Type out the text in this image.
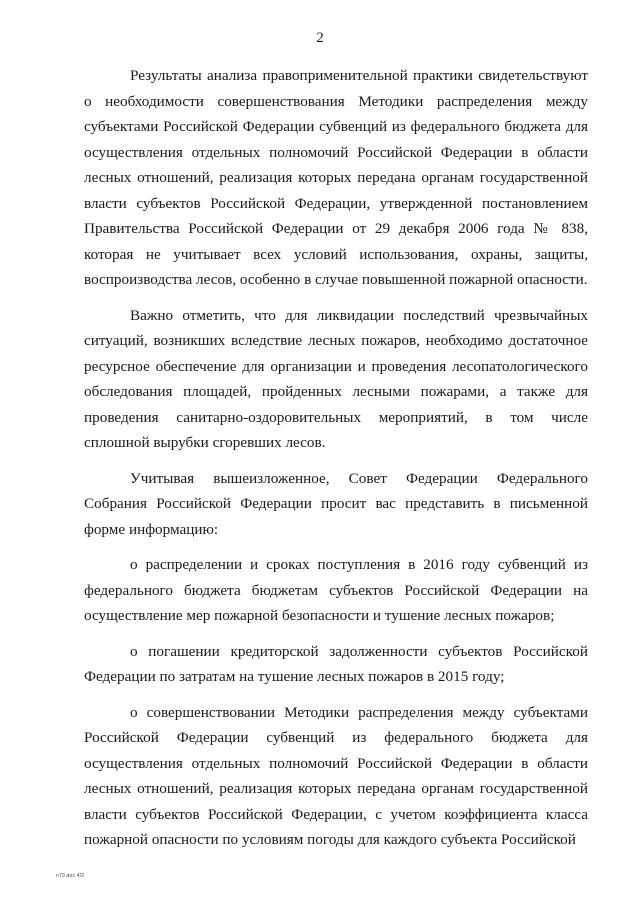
2

Результаты анализа правоприменительной практики свидетельствуют о необходимости совершенствования Методики распределения между субъектами Российской Федерации субвенций из федерального бюджета для осуществления отдельных полномочий Российской Федерации в области лесных отношений, реализация которых передана органам государственной власти субъектов Российской Федерации, утвержденной постановлением Правительства Российской Федерации от 29 декабря 2006 года № 838, которая не учитывает всех условий использования, охраны, защиты, воспроизводства лесов, особенно в случае повышенной пожарной опасности.

Важно отметить, что для ликвидации последствий чрезвычайных ситуаций, возникших вследствие лесных пожаров, необходимо достаточное ресурсное обеспечение для организации и проведения лесопатологического обследования площадей, пройденных лесными пожарами, а также для проведения санитарно-оздоровительных мероприятий, в том числе сплошной вырубки сгоревших лесов.

Учитывая вышеизложенное, Совет Федерации Федерального Собрания Российской Федерации просит вас представить в письменной форме информацию:

о распределении и сроках поступления в 2016 году субвенций из федерального бюджета бюджетам субъектов Российской Федерации на осуществление мер пожарной безопасности и тушение лесных пожаров;

о погашении кредиторской задолженности субъектов Российской Федерации по затратам на тушение лесных пожаров в 2015 году;

о совершенствовании Методики распределения между субъектами Российской Федерации субвенций из федерального бюджета для осуществления отдельных полномочий Российской Федерации в области лесных отношений, реализация которых передана органам государственной власти субъектов Российской Федерации, с учетом коэффициента класса пожарной опасности по условиям погоды для каждого субъекта Российской

n79.doc 4/2
